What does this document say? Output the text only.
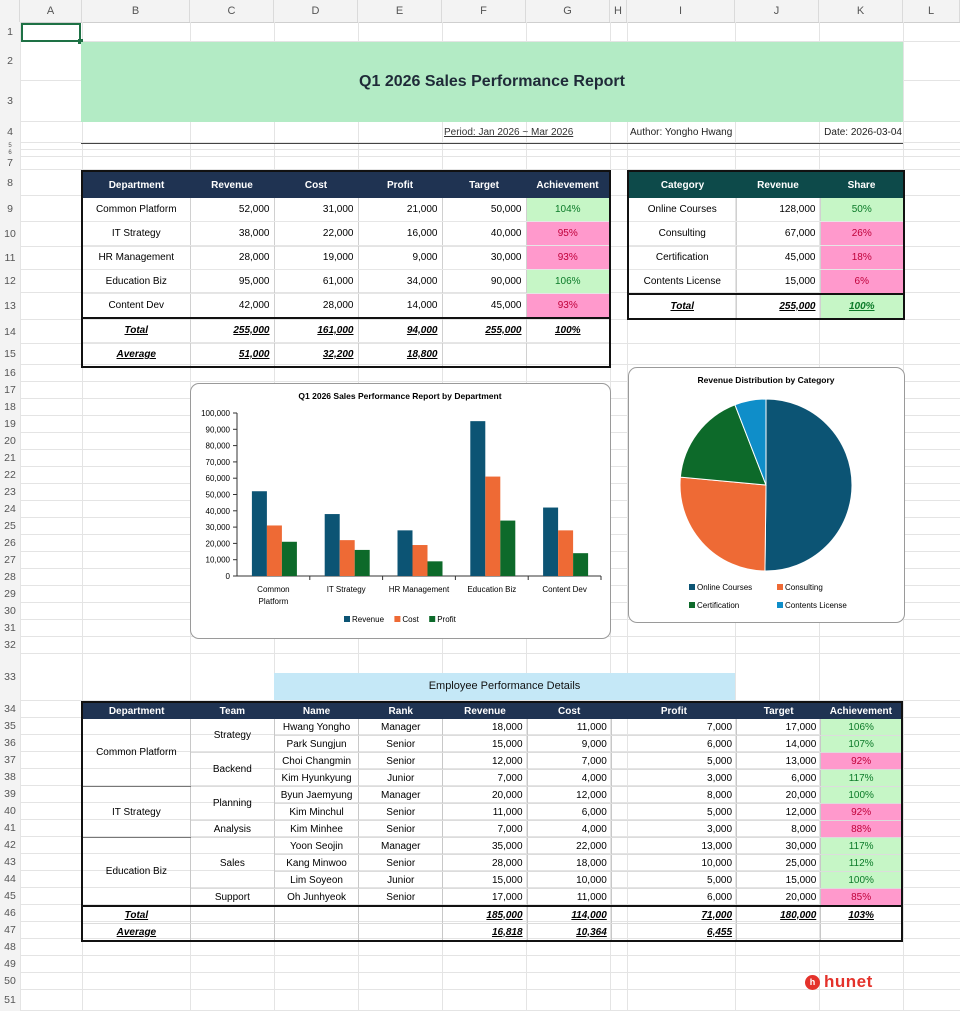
A	B	C	D	E	F	G	H	I	J	K	L
1
2
3
4
5
6
7
8
9
10
11
12
13
14
15
16
17
18
19
20
21
22
23
24
25
26
27
28
29
30
31
32
33
34
35
36
37
38
39
40
41
42
43
44
45
46
47
48
49
50
51
Q1 2026 Sales Performance Report
Period: Jan 2026 ~ Mar 2026	Author: Yongho Hwang	Date: 2026-03-04
Department	Revenue	Cost	Profit	Target	Achievement
Common Platform	52,000	31,000	21,000	50,000	104%
IT Strategy	38,000	22,000	16,000	40,000	95%
HR Management	28,000	19,000	9,000	30,000	93%
Education Biz	95,000	61,000	34,000	90,000	106%
Content Dev	42,000	28,000	14,000	45,000	93%
Total	255,000	161,000	94,000	255,000	100%
Average	51,000	32,200	18,800		
Category	Revenue	Share
Online Courses	128,000	50%
Consulting	67,000	26%
Certification	45,000	18%
Contents License	15,000	6%
Total	255,000	100%
Q1 2026 Sales Performance Report by Department
100,000
90,000
80,000
70,000
60,000
50,000
40,000
30,000
20,000
10,000
0
Common
Platform
IT Strategy	HR Management Education Biz	Content Dev
Revenue Cost Profit
Revenue Distribution by Category
Online Courses	Consulting
Certification	Contents License
Employee Performance Details
Department	Team	Name	Rank	Revenue	Cost	Profit	Target	Achievement
Common Platform	Strategy	Hwang Yongho	Manager	18,000	11,000	7,000	17,000	106%
		Park Sungjun	Senior	15,000	9,000	6,000	14,000	107%
	Backend	Choi Changmin	Senior	12,000	7,000	5,000	13,000	92%
		Kim Hyunkyung	Junior	7,000	4,000	3,000	6,000	117%
IT Strategy	Planning	Byun Jaemyung	Manager	20,000	12,000	8,000	20,000	100%
		Kim Minchul	Senior	11,000	6,000	5,000	12,000	92%
	Analysis	Kim Minhee	Senior	7,000	4,000	3,000	8,000	88%
Education Biz	Sales	Yoon Seojin	Manager	35,000	22,000	13,000	30,000	117%
		Kang Minwoo	Senior	28,000	18,000	10,000	25,000	112%
		Lim Soyeon	Junior	15,000	10,000	5,000	15,000	100%
	Support	Oh Junhyeok	Senior	17,000	11,000	6,000	20,000	85%
Total				185,000	114,000	71,000	180,000	103%
Average				16,818	10,364	6,455		
h hunet
